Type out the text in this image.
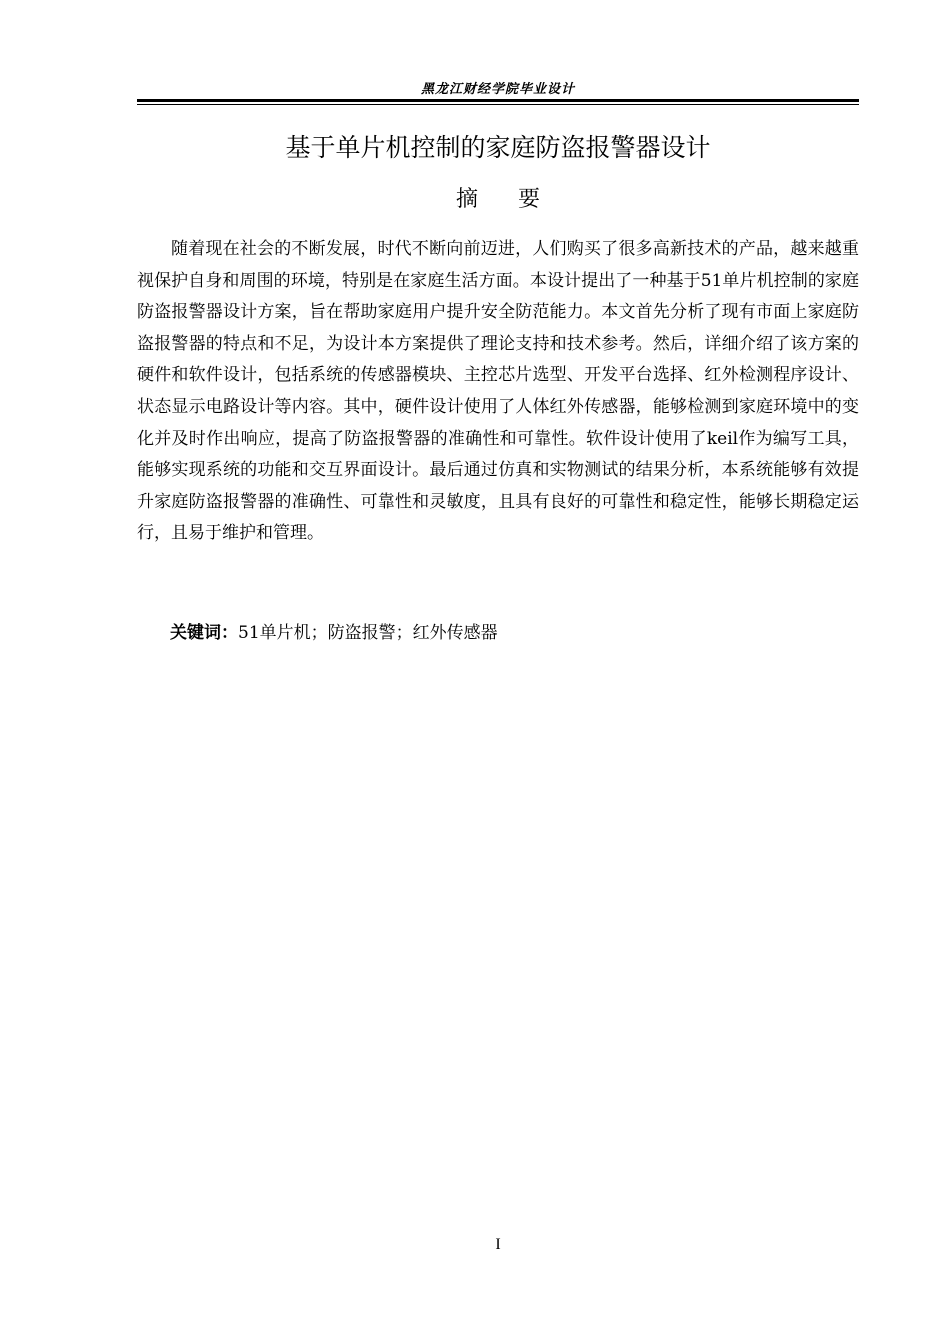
黑龙江财经学院毕业设计
基于单片机控制的家庭防盗报警器设计
摘要

随着现在社会的不断发展，时代不断向前迈进，人们购买了很多高新技术的产品，越来越重视保护自身和周围的环境，特别是在家庭生活方面。本设计提出了一种基于51单片机控制的家庭防盗报警器设计方案，旨在帮助家庭用户提升安全防范能力。本文首先分析了现有市面上家庭防盗报警器的特点和不足，为设计本方案提供了理论支持和技术参考。然后，详细介绍了该方案的硬件和软件设计，包括系统的传感器模块、主控芯片选型、开发平台选择、红外检测程序设计、状态显示电路设计等内容。其中，硬件设计使用了人体红外传感器，能够检测到家庭环境中的变化并及时作出响应，提高了防盗报警器的准确性和可靠性。软件设计使用了keil作为编写工具，能够实现系统的功能和交互界面设计。最后通过仿真和实物测试的结果分析，本系统能够有效提升家庭防盗报警器的准确性、可靠性和灵敏度，且具有良好的可靠性和稳定性，能够长期稳定运行，且易于维护和管理。

关键词：51单片机；防盗报警；红外传感器
I
